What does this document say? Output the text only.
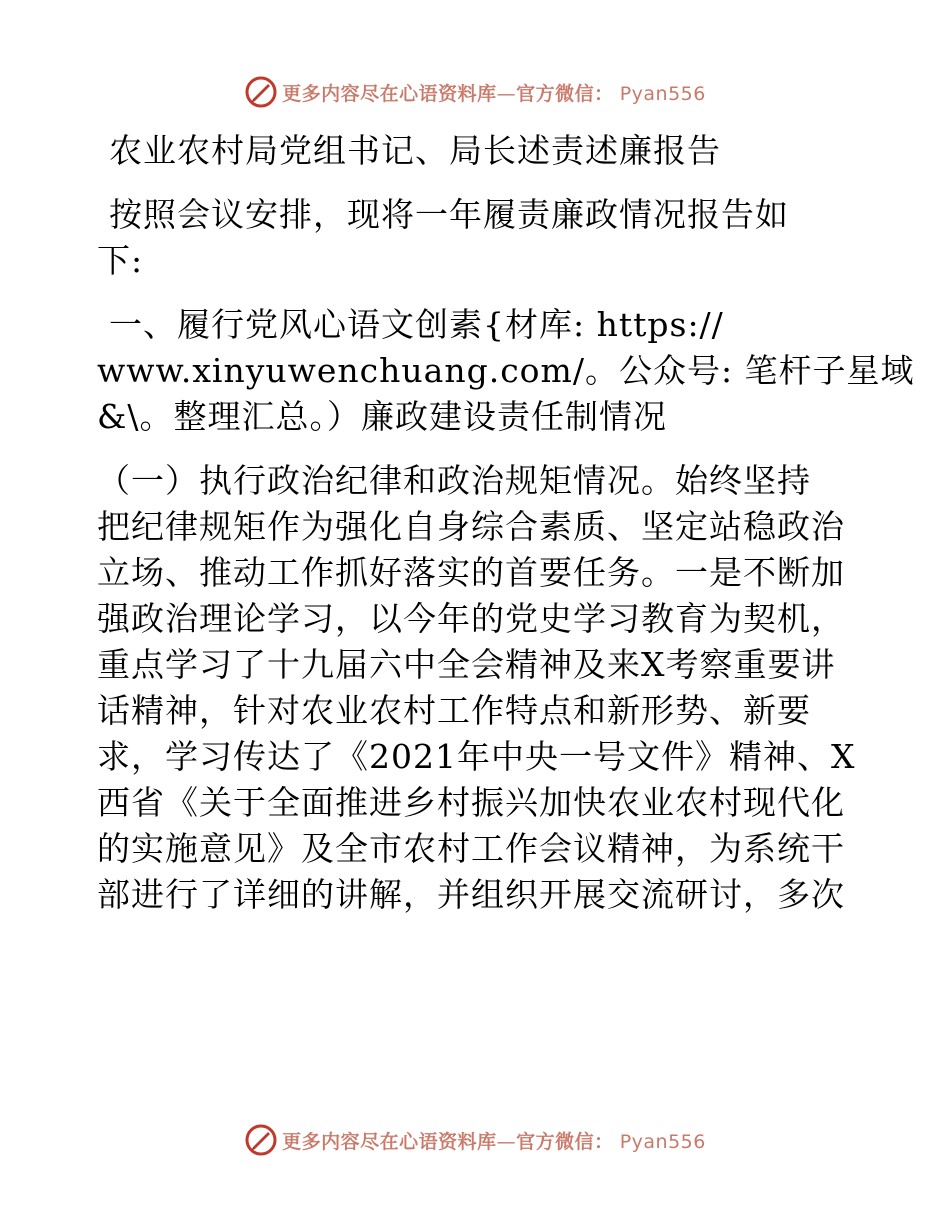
更多内容尽在心语资料库 — 官方微信： Pyan556
农业农村局党组书记、局长述责述廉报告
按照会议安排，现将一年履责廉政情况报告如
下:
一、履行党风心语文创素{材库: https://
www.xinyuwenchuang.com/。公众号: 笔杆子星域
&\。整理汇总。）廉政建设责任制情况
（一）执行政治纪律和政治规矩情况。始终坚持
把纪律规矩作为强化自身综合素质、坚定站稳政治
立场、推动工作抓好落实的首要任务。一是不断加
强政治理论学习，以今年的党史学习教育为契机，
重点学习了十九届六中全会精神及来X考察重要讲
话精神，针对农业农村工作特点和新形势、新要
求，学习传达了《2021年中央一号文件》精神、X
西省《关于全面推进乡村振兴加快农业农村现代化
的实施意见》及全市农村工作会议精神，为系统干
部进行了详细的讲解，并组织开展交流研讨，多次
更多内容尽在心语资料库 — 官方微信： Pyan556
